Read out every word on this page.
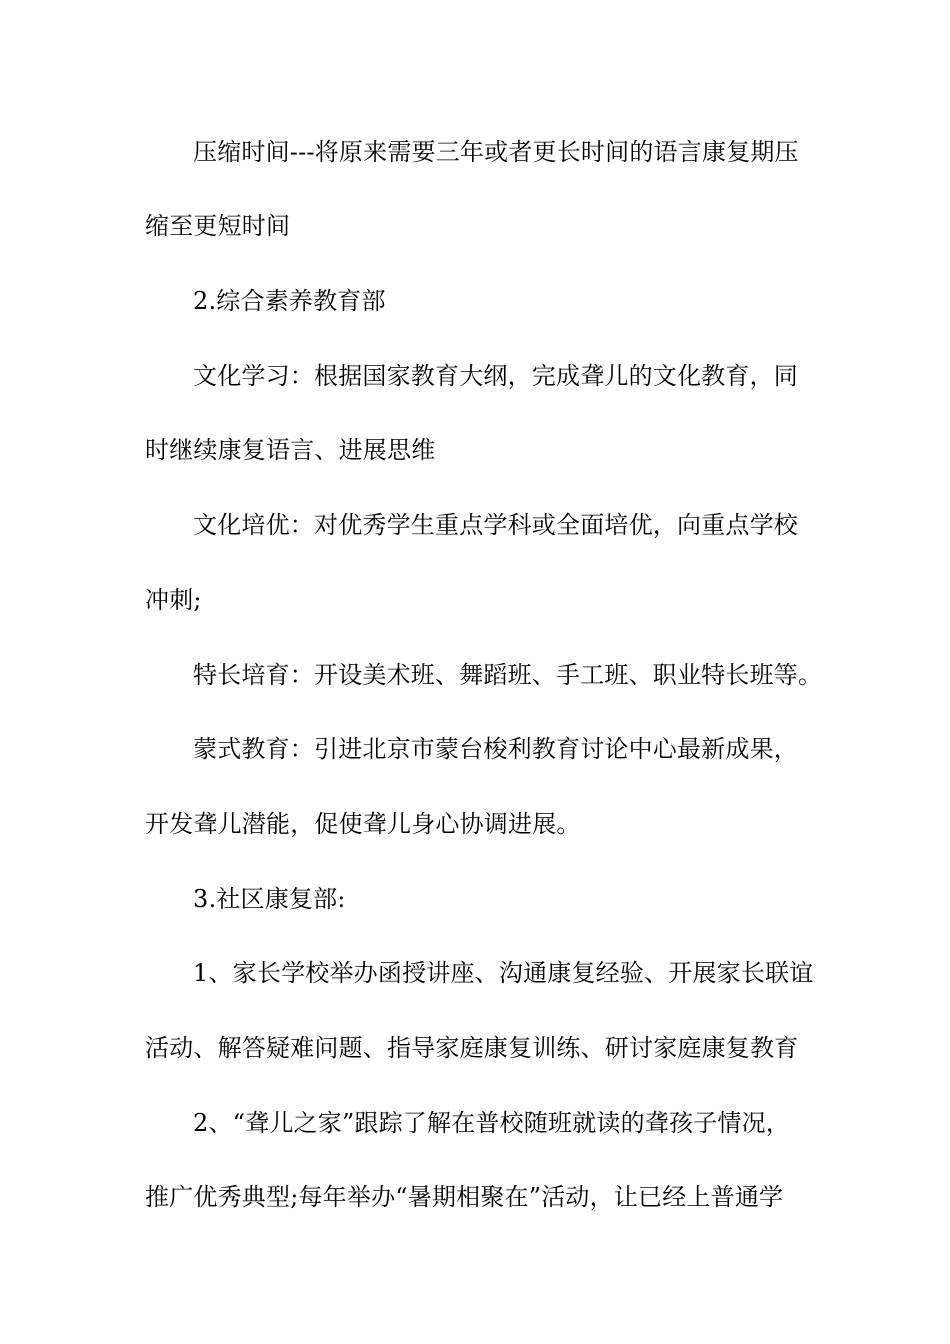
压缩时间---将原来需要三年或者更长时间的语言康复期压
缩至更短时间
2.综合素养教育部
文化学习：根据国家教育大纲，完成聋儿的文化教育，同
时继续康复语言、进展思维
文化培优：对优秀学生重点学科或全面培优，向重点学校
冲刺;
特长培育：开设美术班、舞蹈班、手工班、职业特长班等。
蒙式教育：引进北京市蒙台梭利教育讨论中心最新成果，
开发聋儿潜能，促使聋儿身心协调进展。
3.社区康复部:
1、家长学校举办函授讲座、沟通康复经验、开展家长联谊
活动、解答疑难问题、指导家庭康复训练、研讨家庭康复教育
2、“聋儿之家”跟踪了解在普校随班就读的聋孩子情况，
推广优秀典型;每年举办“暑期相聚在”活动，让已经上普通学
